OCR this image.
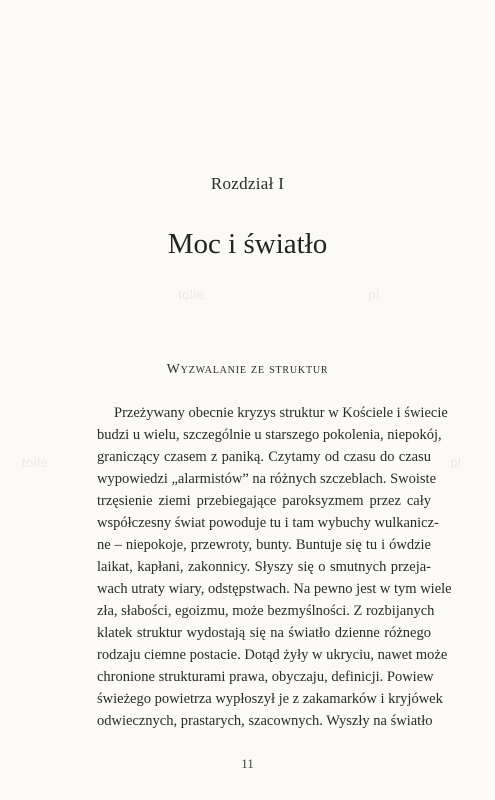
tolle	.pl
tolle	.pl
Rozdział I
Moc i światło
Wyzwalanie ze struktur
Przeżywany obecnie kryzys struktur w Kościele i świecie
budzi u wielu, szczególnie u starszego pokolenia, niepokój,
graniczący czasem z paniką. Czytamy od czasu do czasu
wypowiedzi „alarmistów” na różnych szczeblach. Swoiste
trzęsienie ziemi przebiegające paroksyzmem przez cały
współczesny świat powoduje tu i tam wybuchy wulkanicz-
ne – niepokoje, przewroty, bunty. Buntuje się tu i ówdzie
laikat, kapłani, zakonnicy. Słyszy się o smutnych przeja-
wach utraty wiary, odstępstwach. Na pewno jest w tym wiele
zła, słabości, egoizmu, może bezmyślności. Z rozbijanych
klatek struktur wydostają się na światło dzienne różnego
rodzaju ciemne postacie. Dotąd żyły w ukryciu, nawet może
chronione strukturami prawa, obyczaju, definicji. Powiew
świeżego powietrza wypłoszył je z zakamarków i kryjówek
odwiecznych, prastarych, szacownych. Wyszły na światło
11
